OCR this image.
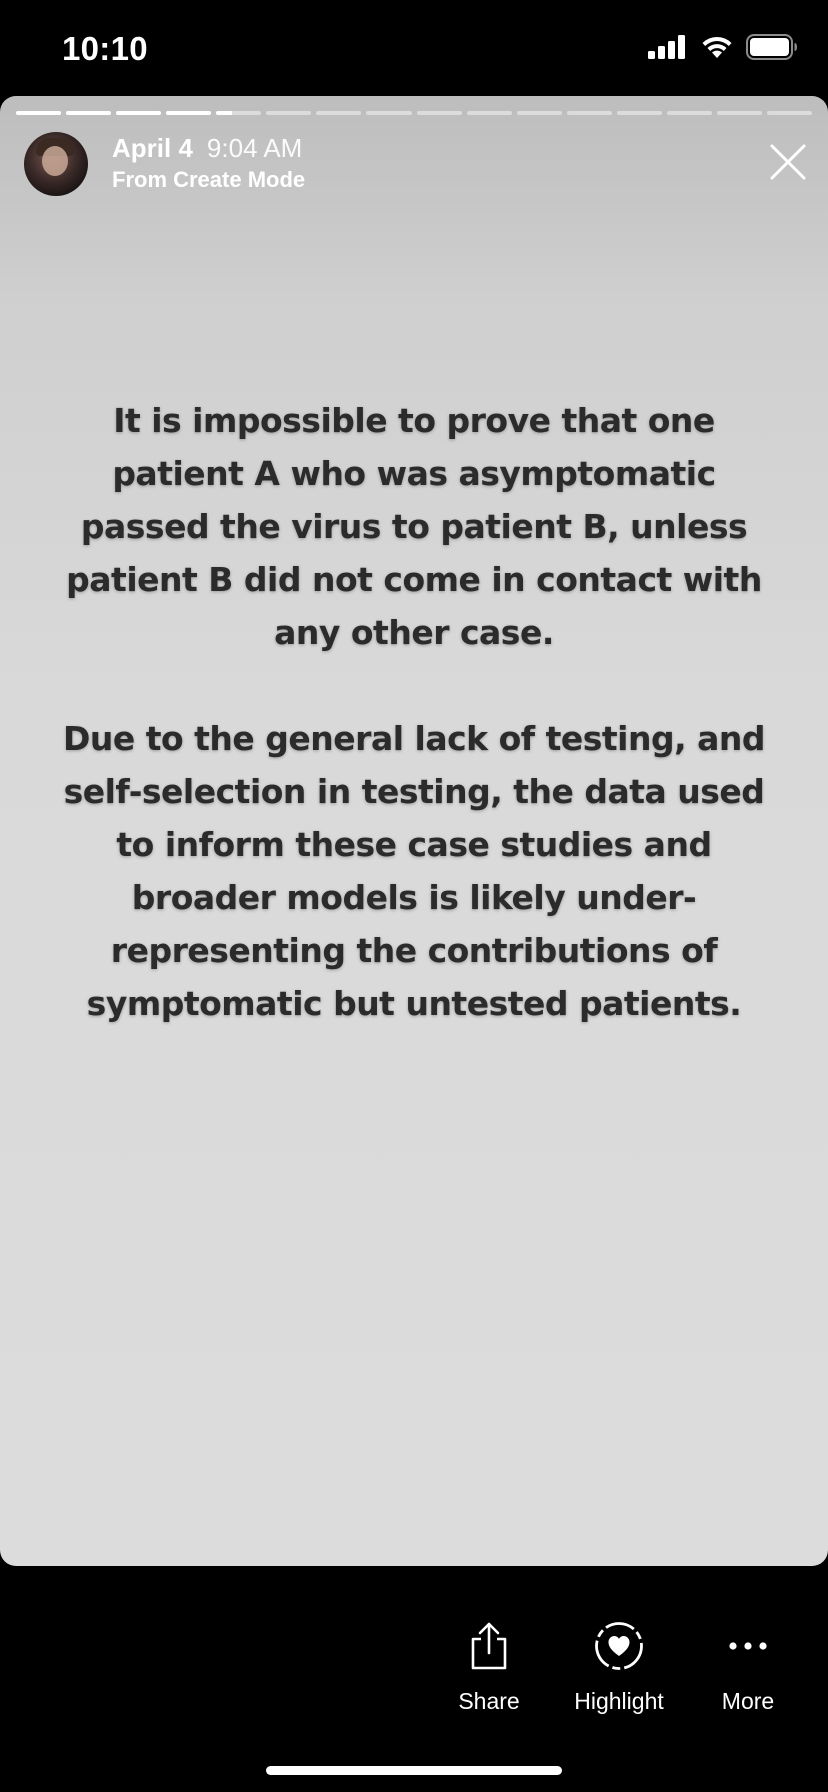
10:10
April 4 9:04 AM
From Create Mode

It is impossible to prove that one patient A who was asymptomatic passed the virus to patient B, unless patient B did not come in contact with any other case.

Due to the general lack of testing, and self-selection in testing, the data used to inform these case studies and broader models is likely under-representing the contributions of symptomatic but untested patients.

Share	Highlight	More
